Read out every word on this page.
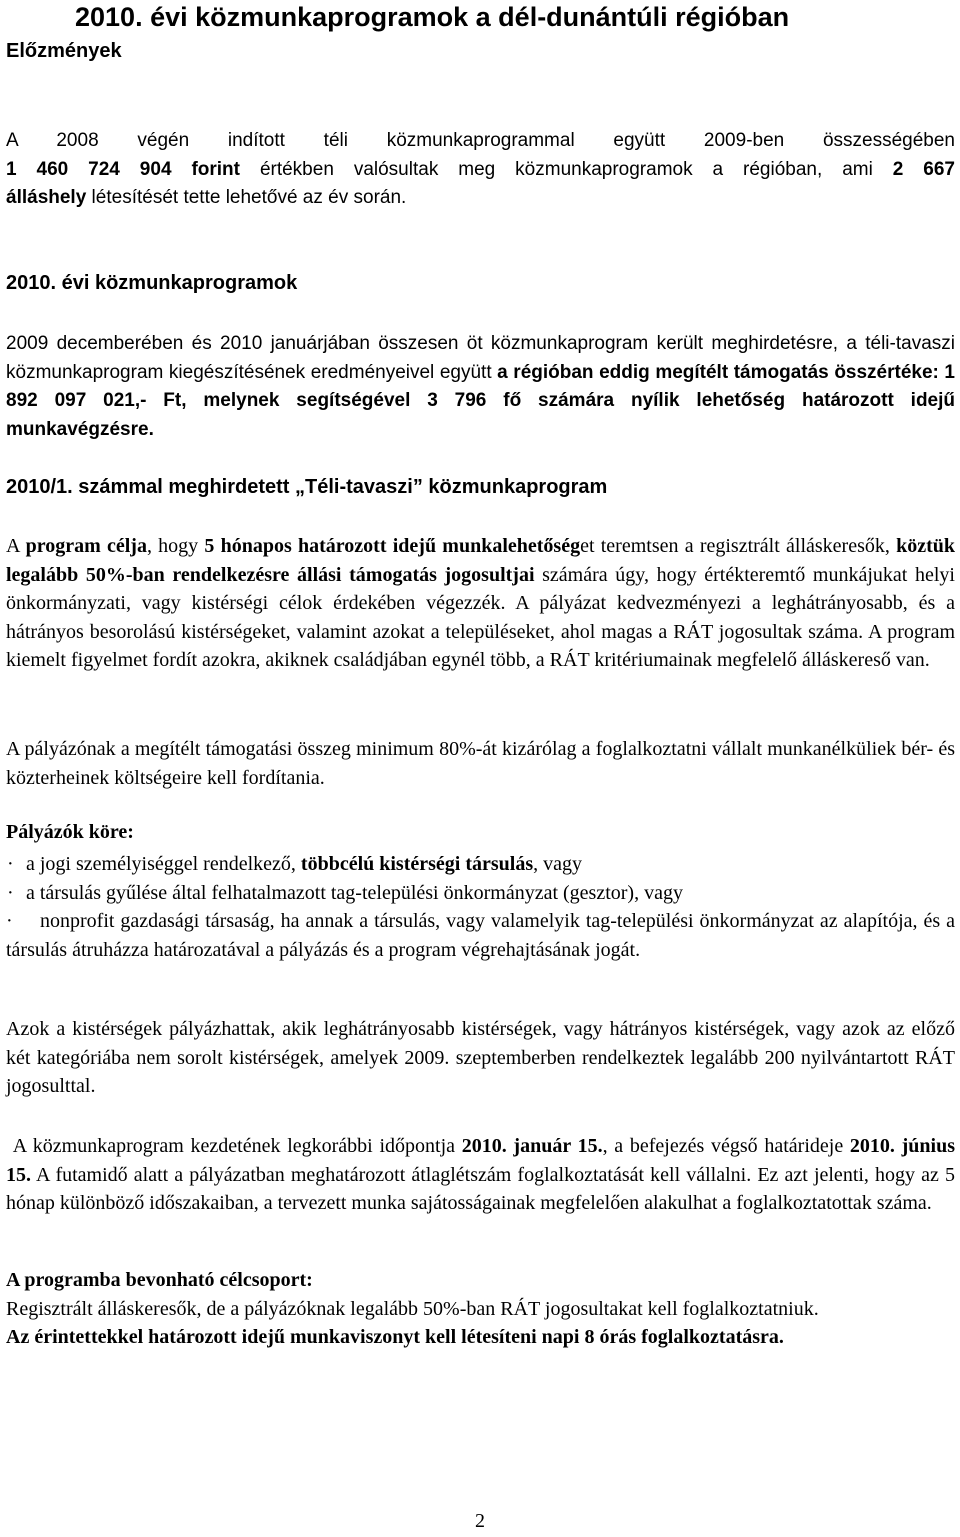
2010. évi közmunkaprogramok a dél-dunántúli régióban
Előzmények

A 2008 végén indított téli közmunkaprogrammal együtt 2009-ben összességében

1 460 724 904 forint értékben valósultak meg közmunkaprogramok a régióban, ami 2 667

álláshely létesítését tette lehetővé az év során.

2010. évi közmunkaprogramok

2009 decemberében és 2010 januárjában összesen öt közmunkaprogram került meghirdetésre, a téli-tavaszi közmunkaprogram kiegészítésének eredményeivel együtt a régióban eddig megítélt támogatás összértéke: 1 892 097 021,- Ft, melynek segítségével 3 796 fő számára nyílik lehetőség határozott idejű munkavégzésre.

2010/1. számmal meghirdetett „Téli-tavaszi” közmunkaprogram

A program célja, hogy 5 hónapos határozott idejű munkalehetőséget teremtsen a regisztrált álláskeresők, köztük legalább 50%-ban rendelkezésre állási támogatás jogosultjai számára úgy, hogy értékteremtő munkájukat helyi önkormányzati, vagy kistérségi célok érdekében végezzék. A pályázat kedvezményezi a leghátrányosabb, és a hátrányos besorolású kistérségeket, valamint azokat a településeket, ahol magas a RÁT jogosultak száma. A program kiemelt figyelmet fordít azokra, akiknek családjában egynél több, a RÁT kritériumainak megfelelő álláskereső van.

A pályázónak a megítélt támogatási összeg minimum 80%-át kizárólag a foglalkoztatni vállalt munkanélküliek bér- és közterheinek költségeire kell fordítania.

Pályázók köre:

· a jogi személyiséggel rendelkező, többcélú kistérségi társulás, vagy

· a társulás gyűlése által felhatalmazott tag-települési önkormányzat (gesztor), vagy

· nonprofit gazdasági társaság, ha annak a társulás, vagy valamelyik tag-települési önkormányzat az alapítója, és a társulás átruházza határozatával a pályázás és a program végrehajtásának jogát.

Azok a kistérségek pályázhattak, akik leghátrányosabb kistérségek, vagy hátrányos kistérségek, vagy azok az előző két kategóriába nem sorolt kistérségek, amelyek 2009. szeptemberben rendelkeztek legalább 200 nyilvántartott RÁT jogosulttal.

A közmunkaprogram kezdetének legkorábbi időpontja 2010. január 15., a befejezés végső határideje 2010. június 15. A futamidő alatt a pályázatban meghatározott átlaglétszám foglalkoztatását kell vállalni. Ez azt jelenti, hogy az 5 hónap különböző időszakaiban, a tervezett munka sajátosságainak megfelelően alakulhat a foglalkoztatottak száma.

A programba bevonható célcsoport:

Regisztrált álláskeresők, de a pályázóknak legalább 50%-ban RÁT jogosultakat kell foglalkoztatniuk.

Az érintettekkel határozott idejű munkaviszonyt kell létesíteni napi 8 órás foglalkoztatásra.

2
